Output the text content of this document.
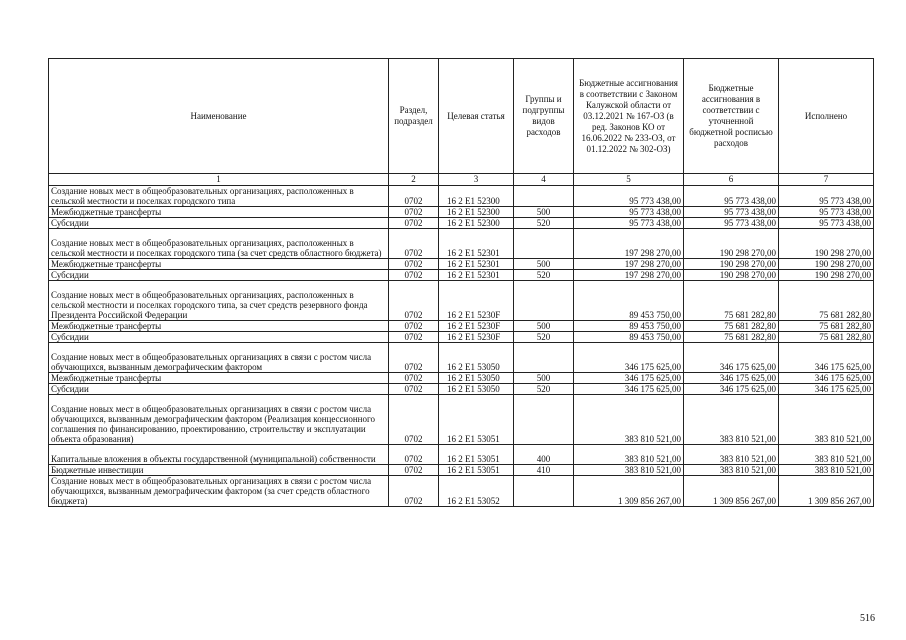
Наименование	Раздел, подраздел	Целевая статья	Группы и подгруппы видов расходов	Бюджетные ассигнования в соответствии с Законом Калужской области от 03.12.2021 № 167-ОЗ (в ред. Законов КО от 16.06.2022 № 233-ОЗ, от 01.12.2022 № 302-ОЗ)	Бюджетные ассигнования в соответствии с уточненной бюджетной росписью расходов	Исполнено
1	2	3	4	5	6	7
Создание новых мест в общеобразовательных организациях, расположенных в сельской местности и поселках городского типа	0702	16 2 E1 52300		95 773 438,00	95 773 438,00	95 773 438,00
Межбюджетные трансферты	0702	16 2 E1 52300	500	95 773 438,00	95 773 438,00	95 773 438,00
Субсидии	0702	16 2 E1 52300	520	95 773 438,00	95 773 438,00	95 773 438,00
Создание новых мест в общеобразовательных организациях, расположенных в сельской местности и поселках городского типа (за счет средств областного бюджета)	0702	16 2 E1 52301		197 298 270,00	190 298 270,00	190 298 270,00
Межбюджетные трансферты	0702	16 2 E1 52301	500	197 298 270,00	190 298 270,00	190 298 270,00
Субсидии	0702	16 2 E1 52301	520	197 298 270,00	190 298 270,00	190 298 270,00
Создание новых мест в общеобразовательных организациях, расположенных в сельской местности и поселках городского типа, за счет средств резервного фонда Президента Российской Федерации	0702	16 2 E1 5230F		89 453 750,00	75 681 282,80	75 681 282,80
Межбюджетные трансферты	0702	16 2 E1 5230F	500	89 453 750,00	75 681 282,80	75 681 282,80
Субсидии	0702	16 2 E1 5230F	520	89 453 750,00	75 681 282,80	75 681 282,80
Создание новых мест в общеобразовательных организациях в связи с ростом числа обучающихся, вызванным демографическим фактором	0702	16 2 E1 53050		346 175 625,00	346 175 625,00	346 175 625,00
Межбюджетные трансферты	0702	16 2 E1 53050	500	346 175 625,00	346 175 625,00	346 175 625,00
Субсидии	0702	16 2 E1 53050	520	346 175 625,00	346 175 625,00	346 175 625,00
Создание новых мест в общеобразовательных организациях в связи с ростом числа обучающихся, вызванным демографическим фактором (Реализация концессионного соглашения по финансированию, проектированию, строительству и эксплуатации объекта образования)	0702	16 2 E1 53051		383 810 521,00	383 810 521,00	383 810 521,00
Капитальные вложения в объекты государственной (муниципальной) собственности	0702	16 2 E1 53051	400	383 810 521,00	383 810 521,00	383 810 521,00
Бюджетные инвестиции	0702	16 2 E1 53051	410	383 810 521,00	383 810 521,00	383 810 521,00
Создание новых мест в общеобразовательных организациях в связи с ростом числа обучающихся, вызванным демографическим фактором (за счет средств областного бюджета)	0702	16 2 E1 53052		1 309 856 267,00	1 309 856 267,00	1 309 856 267,00
516
